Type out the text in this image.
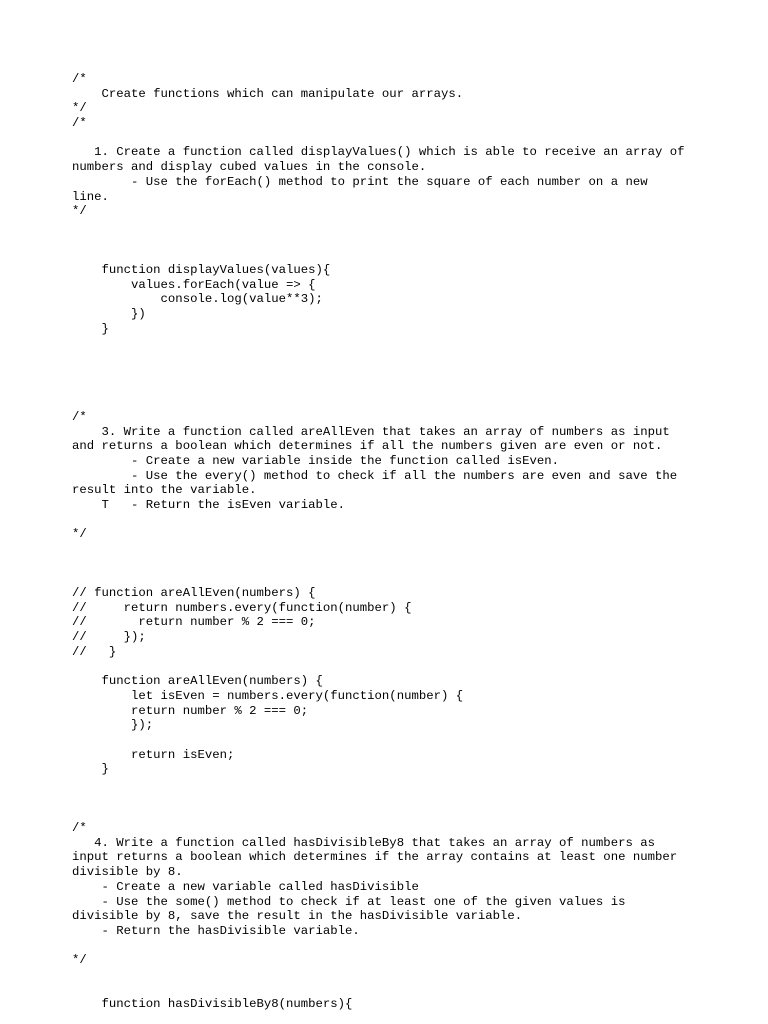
/*
Create functions which can manipulate our arrays.
*/
/*
1. Create a function called displayValues() which is able to receive an array of
numbers and display cubed values in the console.
- Use the forEach() method to print the square of each number on a new
line.
*/
function displayValues(values){
values.forEach(value => {
console.log(value**3);
})
}
/*
3. Write a function called areAllEven that takes an array of numbers as input
and returns a boolean which determines if all the numbers given are even or not.
- Create a new variable inside the function called isEven.
- Use the every() method to check if all the numbers are even and save the
result into the variable.
T   - Return the isEven variable.
*/
// function areAllEven(numbers) {
//     return numbers.every(function(number) {
//       return number % 2 === 0;
//     });
//   }
function areAllEven(numbers) {
let isEven = numbers.every(function(number) {
return number % 2 === 0;
});
return isEven;
}
/*
4. Write a function called hasDivisibleBy8 that takes an array of numbers as
input returns a boolean which determines if the array contains at least one number
divisible by 8.
- Create a new variable called hasDivisible
- Use the some() method to check if at least one of the given values is
divisible by 8, save the result in the hasDivisible variable.
- Return the hasDivisible variable.
*/
function hasDivisibleBy8(numbers){
